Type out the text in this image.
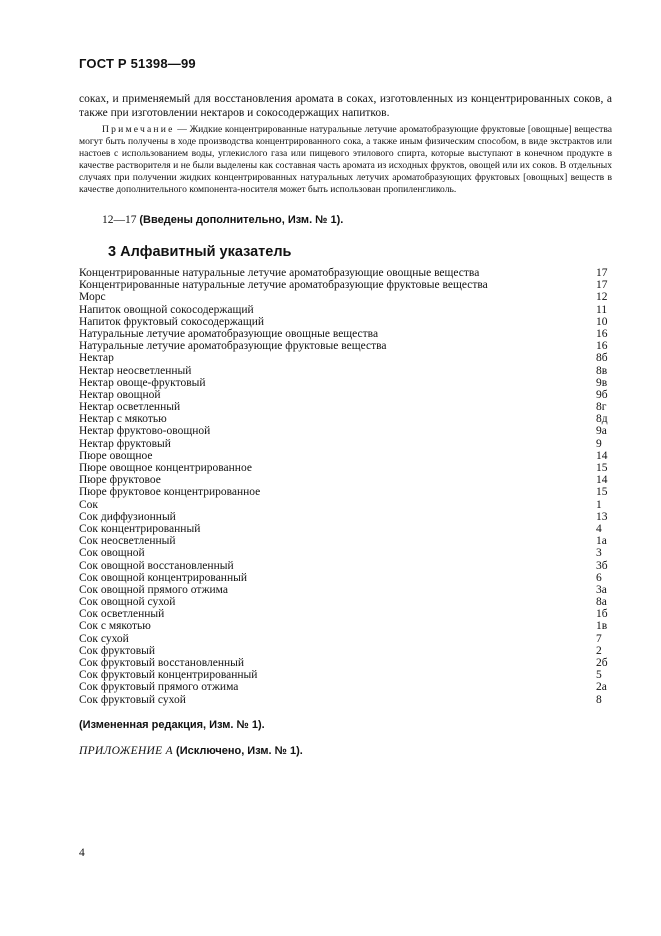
ГОСТ Р 51398—99

соках, и применяемый для восстановления аромата в соках, изготовленных из концентрированных соков, а также при изготовлении нектаров и сокосодержащих напитков.

Примечание — Жидкие концентрированные натуральные летучие ароматобразующие фруктовые [овощные] вещества могут быть получены в ходе производства концентрированного сока, а также иным физическим способом, в виде экстрактов или настоев с использованием воды, углекислого газа или пищевого этилового спирта, которые выступают в конечном продукте в качестве растворителя и не были выделены как составная часть аромата из исходных фруктов, овощей или их соков. В отдельных случаях при получении жидких концентрированных натуральных летучих ароматобразующих фруктовых [овощных] веществ в качестве дополнительного компонента-носителя может быть использован пропиленгликоль.

12—17 (Введены дополнительно, Изм. № 1).
3 Алфавитный указатель
Концентрированные натуральные летучие ароматобразующие овощные вещества	17
Концентрированные натуральные летучие ароматобразующие фруктовые вещества	17
Морс	12
Напиток овощной сокосодержащий	11
Напиток фруктовый сокосодержащий	10
Натуральные летучие ароматобразующие овощные вещества	16
Натуральные летучие ароматобразующие фруктовые вещества	16
Нектар	8б
Нектар неосветленный	8в
Нектар овоще-фруктовый	9в
Нектар овощной	9б
Нектар осветленный	8г
Нектар с мякотью	8д
Нектар фруктово-овощной	9а
Нектар фруктовый	9
Пюре овощное	14
Пюре овощное концентрированное	15
Пюре фруктовое	14
Пюре фруктовое концентрированное	15
Сок	1
Сок диффузионный	13
Сок концентрированный	4
Сок неосветленный	1а
Сок овощной	3
Сок овощной восстановленный	3б
Сок овощной концентрированный	6
Сок овощной прямого отжима	3а
Сок овощной сухой	8а
Сок осветленный	1б
Сок с мякотью	1в
Сок сухой	7
Сок фруктовый	2
Сок фруктовый восстановленный	2б
Сок фруктовый концентрированный	5
Сок фруктовый прямого отжима	2а
Сок фруктовый сухой	8
(Измененная редакция, Изм. № 1).
ПРИЛОЖЕНИЕ А (Исключено, Изм. № 1).
4
